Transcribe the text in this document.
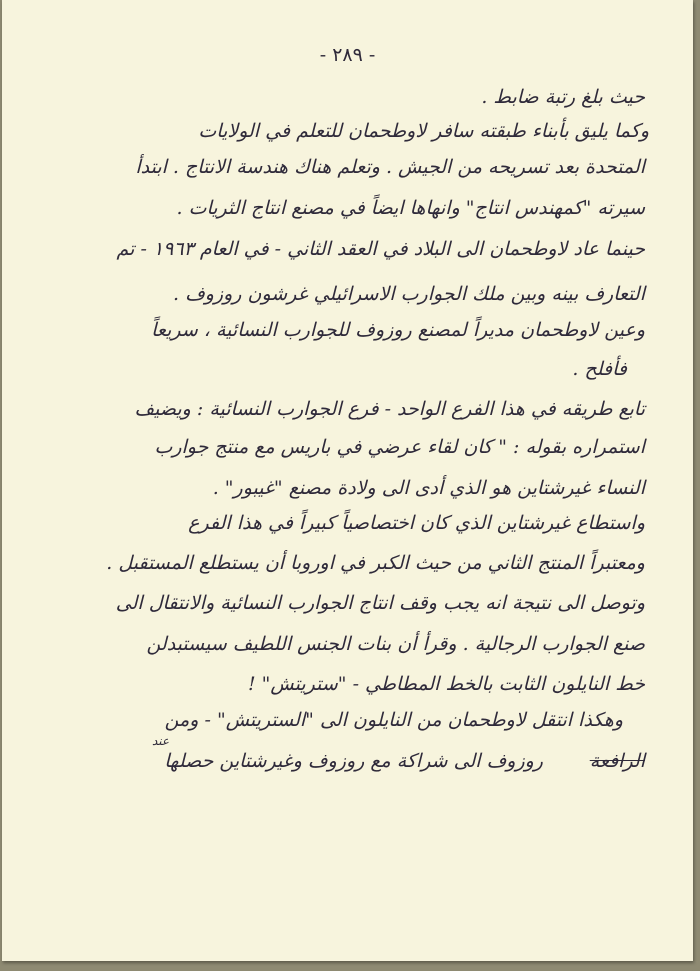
- ٢٨٩ -
حيث بلغ رتبة ضابط .
وكما يليق بأبناء طبقته سافر لاوطحمان للتعلم في الولايات
المتحدة بعد تسريحه من الجيش . وتعلم هناك هندسة الانتاج . ابتدأ
سيرته "كمهندس انتاج" وانهاها ايضاً في مصنع انتاج الثريات .
حينما عاد لاوطحمان الى البلاد في العقد الثاني - في العام ١٩٦٣ - تم
التعارف بينه وبين ملك الجوارب الاسرائيلي غرشون روزوف .
وعين لاوطحمان مديراً لمصنع روزوف للجوارب النسائية ، سريعاً
فأفلح .
تابع طريقه في هذا الفرع الواحد - فرع الجوارب النسائية : ويضيف
استمراره بقوله : " كان لقاء عرضي في باريس مع منتج جوارب
النساء غيرشتاين هو الذي أدى الى ولادة مصنع "غيبور" .
واستطاع غيرشتاين الذي كان اختصاصياً كبيراً في هذا الفرع
ومعتبراً المنتج الثاني من حيث الكبر في اوروبا أن يستطلع المستقبل .
وتوصل الى نتيجة انه يجب وقف انتاج الجوارب النسائية والانتقال الى
صنع الجوارب الرجالية . وقرأ أن بنات الجنس اللطيف سيستبدلن
خط النايلون الثابت بالخط المطاطي - "ستريتش" !
وهكذا انتقل لاوطحمان من النايلون الى "الستريتش" - ومن
عند
روزوف الى شراكة مع روزوف وغيرشتاين حصلها الرافعة
